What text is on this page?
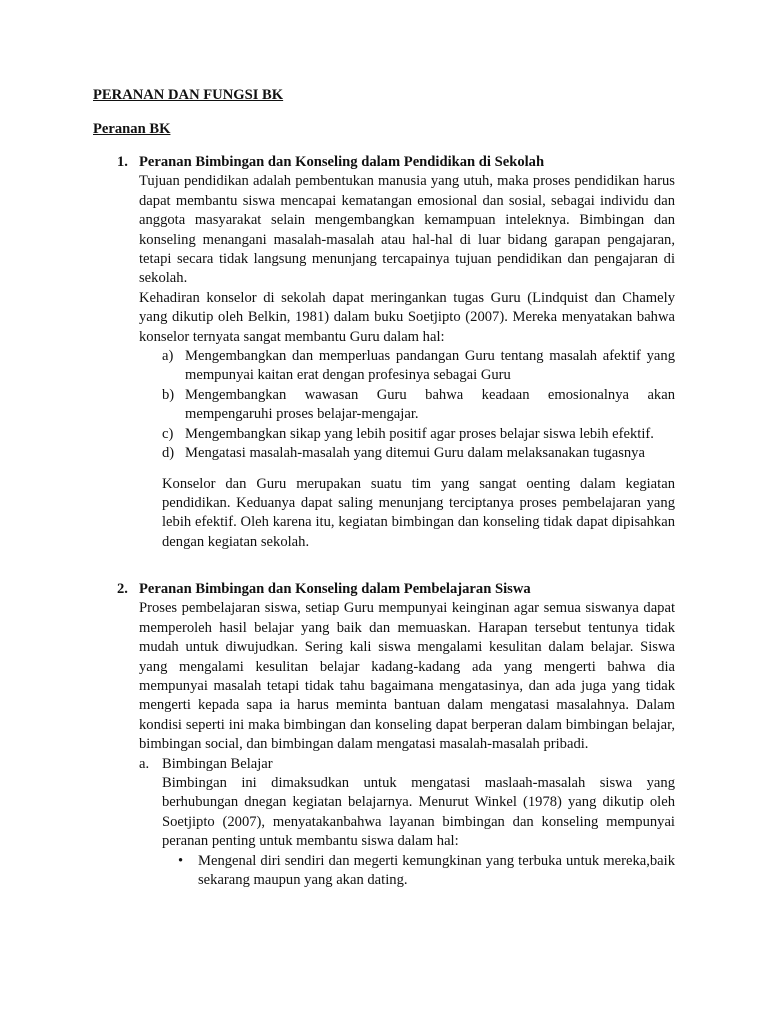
PERANAN DAN FUNGSI BK
Peranan BK
1. Peranan Bimbingan dan Konseling dalam Pendidikan di Sekolah
Tujuan pendidikan adalah pembentukan manusia yang utuh, maka proses pendidikan harus dapat membantu siswa mencapai kematangan emosional dan sosial, sebagai individu dan anggota masyarakat selain mengembangkan kemampuan inteleknya. Bimbingan dan konseling menangani masalah-masalah atau hal-hal di luar bidang garapan pengajaran, tetapi secara tidak langsung menunjang tercapainya tujuan pendidikan dan pengajaran di sekolah.
Kehadiran konselor di sekolah dapat meringankan tugas Guru (Lindquist dan Chamely yang dikutip oleh Belkin, 1981) dalam buku Soetjipto (2007). Mereka menyatakan bahwa konselor ternyata sangat membantu Guru dalam hal:
a) Mengembangkan dan memperluas pandangan Guru tentang masalah afektif yang mempunyai kaitan erat dengan profesinya sebagai Guru
b) Mengembangkan wawasan Guru bahwa keadaan emosionalnya akan mempengaruhi proses belajar-mengajar.
c) Mengembangkan sikap yang lebih positif agar proses belajar siswa lebih efektif.
d) Mengatasi masalah-masalah yang ditemui Guru dalam melaksanakan tugasnya
Konselor dan Guru merupakan suatu tim yang sangat oenting dalam kegiatan pendidikan. Keduanya dapat saling menunjang terciptanya proses pembelajaran yang lebih efektif. Oleh karena itu, kegiatan bimbingan dan konseling tidak dapat dipisahkan dengan kegiatan sekolah.
2. Peranan Bimbingan dan Konseling dalam Pembelajaran Siswa
Proses pembelajaran siswa, setiap Guru mempunyai keinginan agar semua siswanya dapat memperoleh hasil belajar yang baik dan memuaskan. Harapan tersebut tentunya tidak mudah untuk diwujudkan. Sering kali siswa mengalami kesulitan dalam belajar. Siswa yang mengalami kesulitan belajar kadang-kadang ada yang mengerti bahwa dia mempunyai masalah tetapi tidak tahu bagaimana mengatasinya, dan ada juga yang tidak mengerti kepada sapa ia harus meminta bantuan dalam mengatasi masalahnya. Dalam kondisi seperti ini maka bimbingan dan konseling dapat berperan dalam bimbingan belajar, bimbingan social, dan bimbingan dalam mengatasi masalah-masalah pribadi.
a. Bimbingan Belajar
Bimbingan ini dimaksudkan untuk mengatasi maslaah-masalah siswa yang berhubungan dnegan kegiatan belajarnya. Menurut Winkel (1978) yang dikutip oleh Soetjipto (2007), menyatakanbahwa layanan bimbingan dan konseling mempunyai peranan penting untuk membantu siswa dalam hal:
•	Mengenal diri sendiri dan megerti kemungkinan yang terbuka untuk mereka,baik sekarang maupun yang akan dating.
